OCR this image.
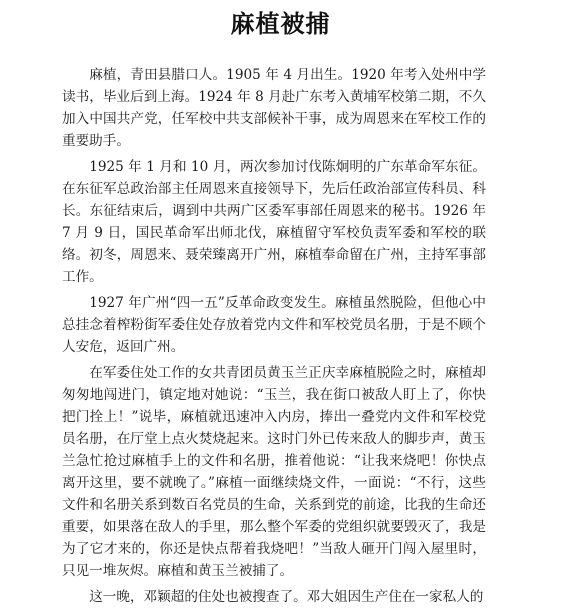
麻植被捕

麻植，青田县腊口人。1905 年 4 月出生。1920 年考入处州中学读书，毕业后到上海。1924 年 8 月赴广东考入黄埔军校第二期，不久加入中国共产党，任军校中共支部候补干事，成为周恩来在军校工作的重要助手。

1925 年 1 月和 10 月，两次参加讨伐陈炯明的广东革命军东征。在东征军总政治部主任周恩来直接领导下，先后任政治部宣传科员、科长。东征结束后，调到中共两广区委军事部任周恩来的秘书。1926 年 7 月 9 日，国民革命军出师北伐，麻植留守军校负责军委和军校的联络。初冬，周恩来、聂荣臻离开广州，麻植奉命留在广州，主持军事部工作。

1927 年广州“四一五”反革命政变发生。麻植虽然脱险，但他心中总挂念着榨粉街军委住处存放着党内文件和军校党员名册，于是不顾个人安危，返回广州。

在军委住处工作的女共青团员黄玉兰正庆幸麻植脱险之时，麻植却匆匆地闯进门，镇定地对她说：“玉兰，我在街口被敌人盯上了，你快把门拴上！”说毕，麻植就迅速冲入内房，捧出一叠党内文件和军校党员名册，在厅堂上点火焚烧起来。这时门外已传来敌人的脚步声，黄玉兰急忙抢过麻植手上的文件和名册，推着他说：“让我来烧吧！你快点离开这里，要不就晚了。”麻植一面继续烧文件，一面说：“不行，这些文件和名册关系到数百名党员的生命，关系到党的前途，比我的生命还重要，如果落在敌人的手里，那么整个军委的党组织就要毁灭了，我是为了它才来的，你还是快点帮着我烧吧！”当敌人砸开门闯入屋里时，只见一堆灰烬。麻植和黄玉兰被捕了。

这一晚，邓颖超的住处也被搜查了。邓大姐因生产住在一家私人的
